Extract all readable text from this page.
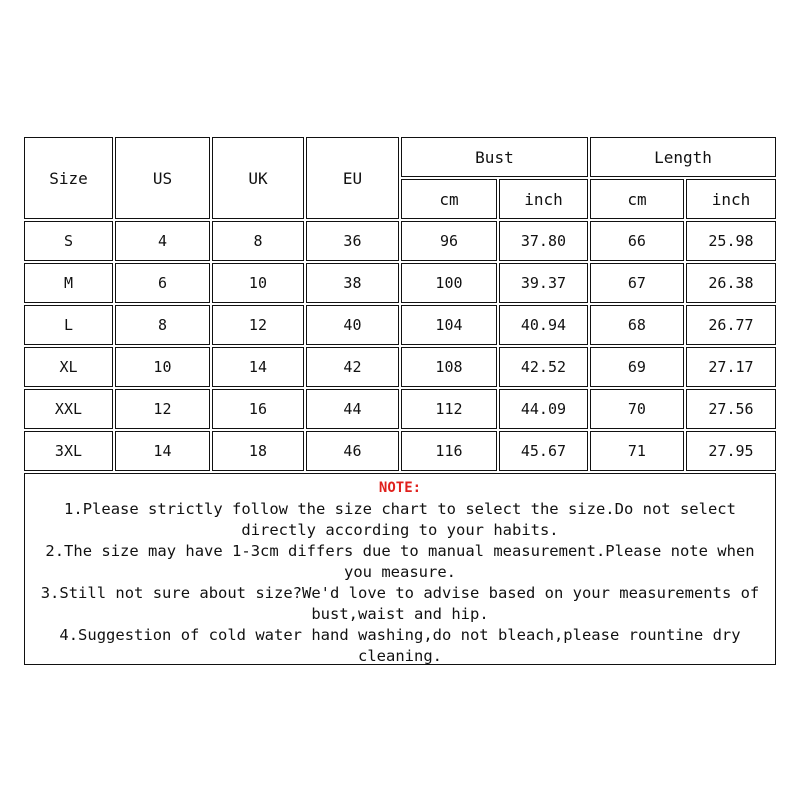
Size	US	UK	EU	Bust		Length	
				cm	inch	cm	inch
S	4	8	36	96	37.80	66	25.98
M	6	10	38	100	39.37	67	26.38
L	8	12	40	104	40.94	68	26.77
XL	10	14	42	108	42.52	69	27.17
XXL	12	16	44	112	44.09	70	27.56
3XL	14	18	46	116	45.67	71	27.95
NOTE:

1.Please strictly follow the size chart to select the size.Do not select directly according to your habits.

2.The size may have 1-3cm differs due to manual measurement.Please note when you measure.

3.Still not sure about size?We'd love to advise based on your measurements of bust,waist and hip.

4.Suggestion of cold water hand washing,do not bleach,please rountine dry cleaning.
